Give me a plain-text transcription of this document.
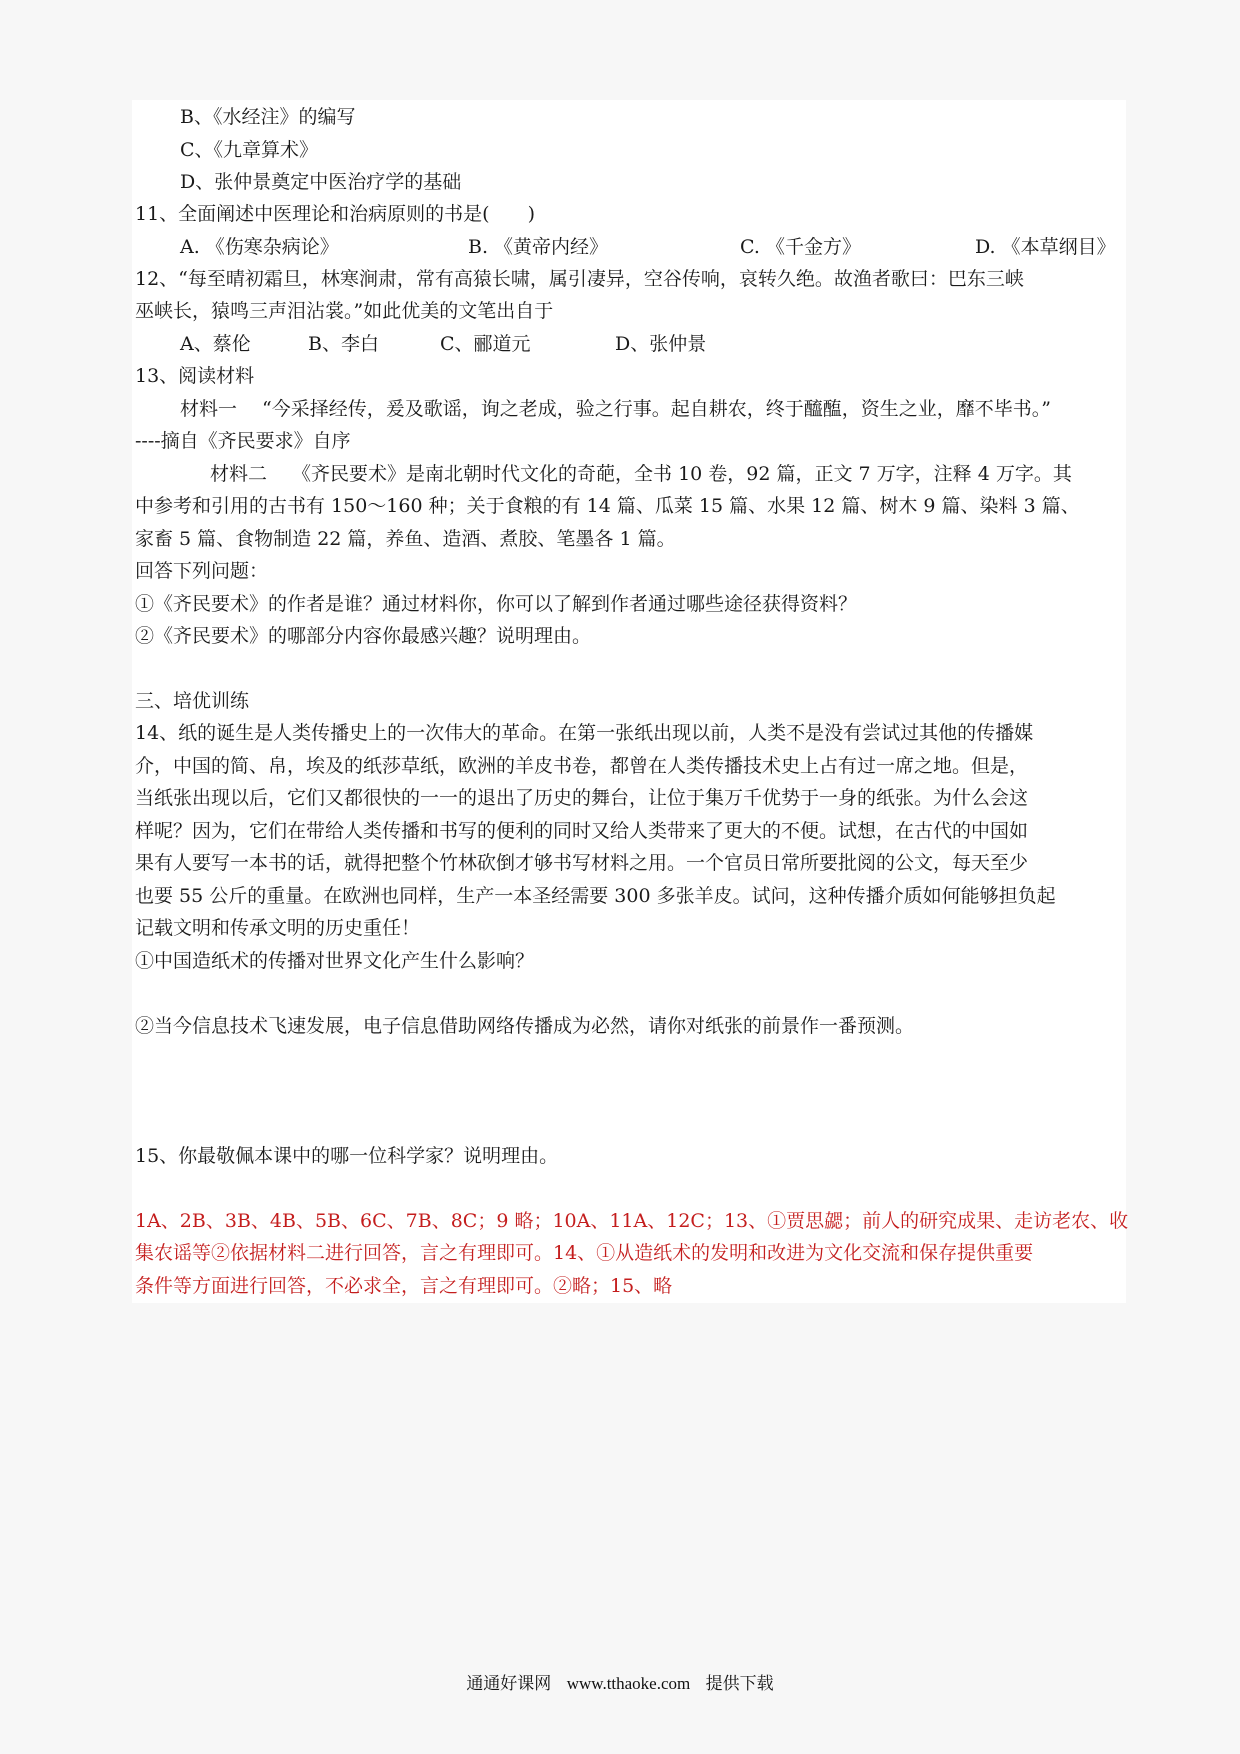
B、《水经注》的编写
C、《九章算术》
D、张仲景奠定中医治疗学的基础
11、全面阐述中医理论和治病原则的书是(　　)
A. 《伤寒杂病论》	B. 《黄帝内经》	C. 《千金方》	D. 《本草纲目》
12、“每至晴初霜旦，林寒涧肃，常有高猿长啸，属引凄异，空谷传响，哀转久绝。故渔者歌曰：巴东三峡
巫峡长，猿鸣三声泪沾裳。”如此优美的文笔出自于
A、蔡伦	B、李白	C、郦道元	D、张仲景
13、阅读材料
材料一　 “今采择经传，爰及歌谣，询之老成，验之行事。起自耕农，终于醯醢，资生之业，靡不毕书。”
----摘自《齐民要求》自序
材料二　 《齐民要术》是南北朝时代文化的奇葩，全书 10 卷，92 篇，正文 7 万字，注释 4 万字。其
中参考和引用的古书有 150～160 种；关于食粮的有 14 篇、瓜菜 15 篇、水果 12 篇、树木 9 篇、染料 3 篇、
家畜 5 篇、食物制造 22 篇，养鱼、造酒、煮胶、笔墨各 1 篇。
回答下列问题：
①《齐民要术》的作者是谁？通过材料你，你可以了解到作者通过哪些途径获得资料？
②《齐民要术》的哪部分内容你最感兴趣？说明理由。
三、培优训练
14、纸的诞生是人类传播史上的一次伟大的革命。在第一张纸出现以前，人类不是没有尝试过其他的传播媒
介，中国的简、帛，埃及的纸莎草纸，欧洲的羊皮书卷，都曾在人类传播技术史上占有过一席之地。但是，
当纸张出现以后，它们又都很快的一一的退出了历史的舞台，让位于集万千优势于一身的纸张。为什么会这
样呢？因为，它们在带给人类传播和书写的便利的同时又给人类带来了更大的不便。试想，在古代的中国如
果有人要写一本书的话，就得把整个竹林砍倒才够书写材料之用。一个官员日常所要批阅的公文，每天至少
也要 55 公斤的重量。在欧洲也同样，生产一本圣经需要 300 多张羊皮。试问，这种传播介质如何能够担负起
记载文明和传承文明的历史重任！
①中国造纸术的传播对世界文化产生什么影响？
②当今信息技术飞速发展，电子信息借助网络传播成为必然，请你对纸张的前景作一番预测。
15、你最敬佩本课中的哪一位科学家？说明理由。
1A、2B、3B、4B、5B、6C、7B、8C；9 略；10A、11A、12C；13、①贾思勰；前人的研究成果、走访老农、收
集农谣等②依据材料二进行回答，言之有理即可。14、①从造纸术的发明和改进为文化交流和保存提供重要
条件等方面进行回答，不必求全，言之有理即可。②略；15、略
通通好课网 www.tthaoke.com 提供下载
